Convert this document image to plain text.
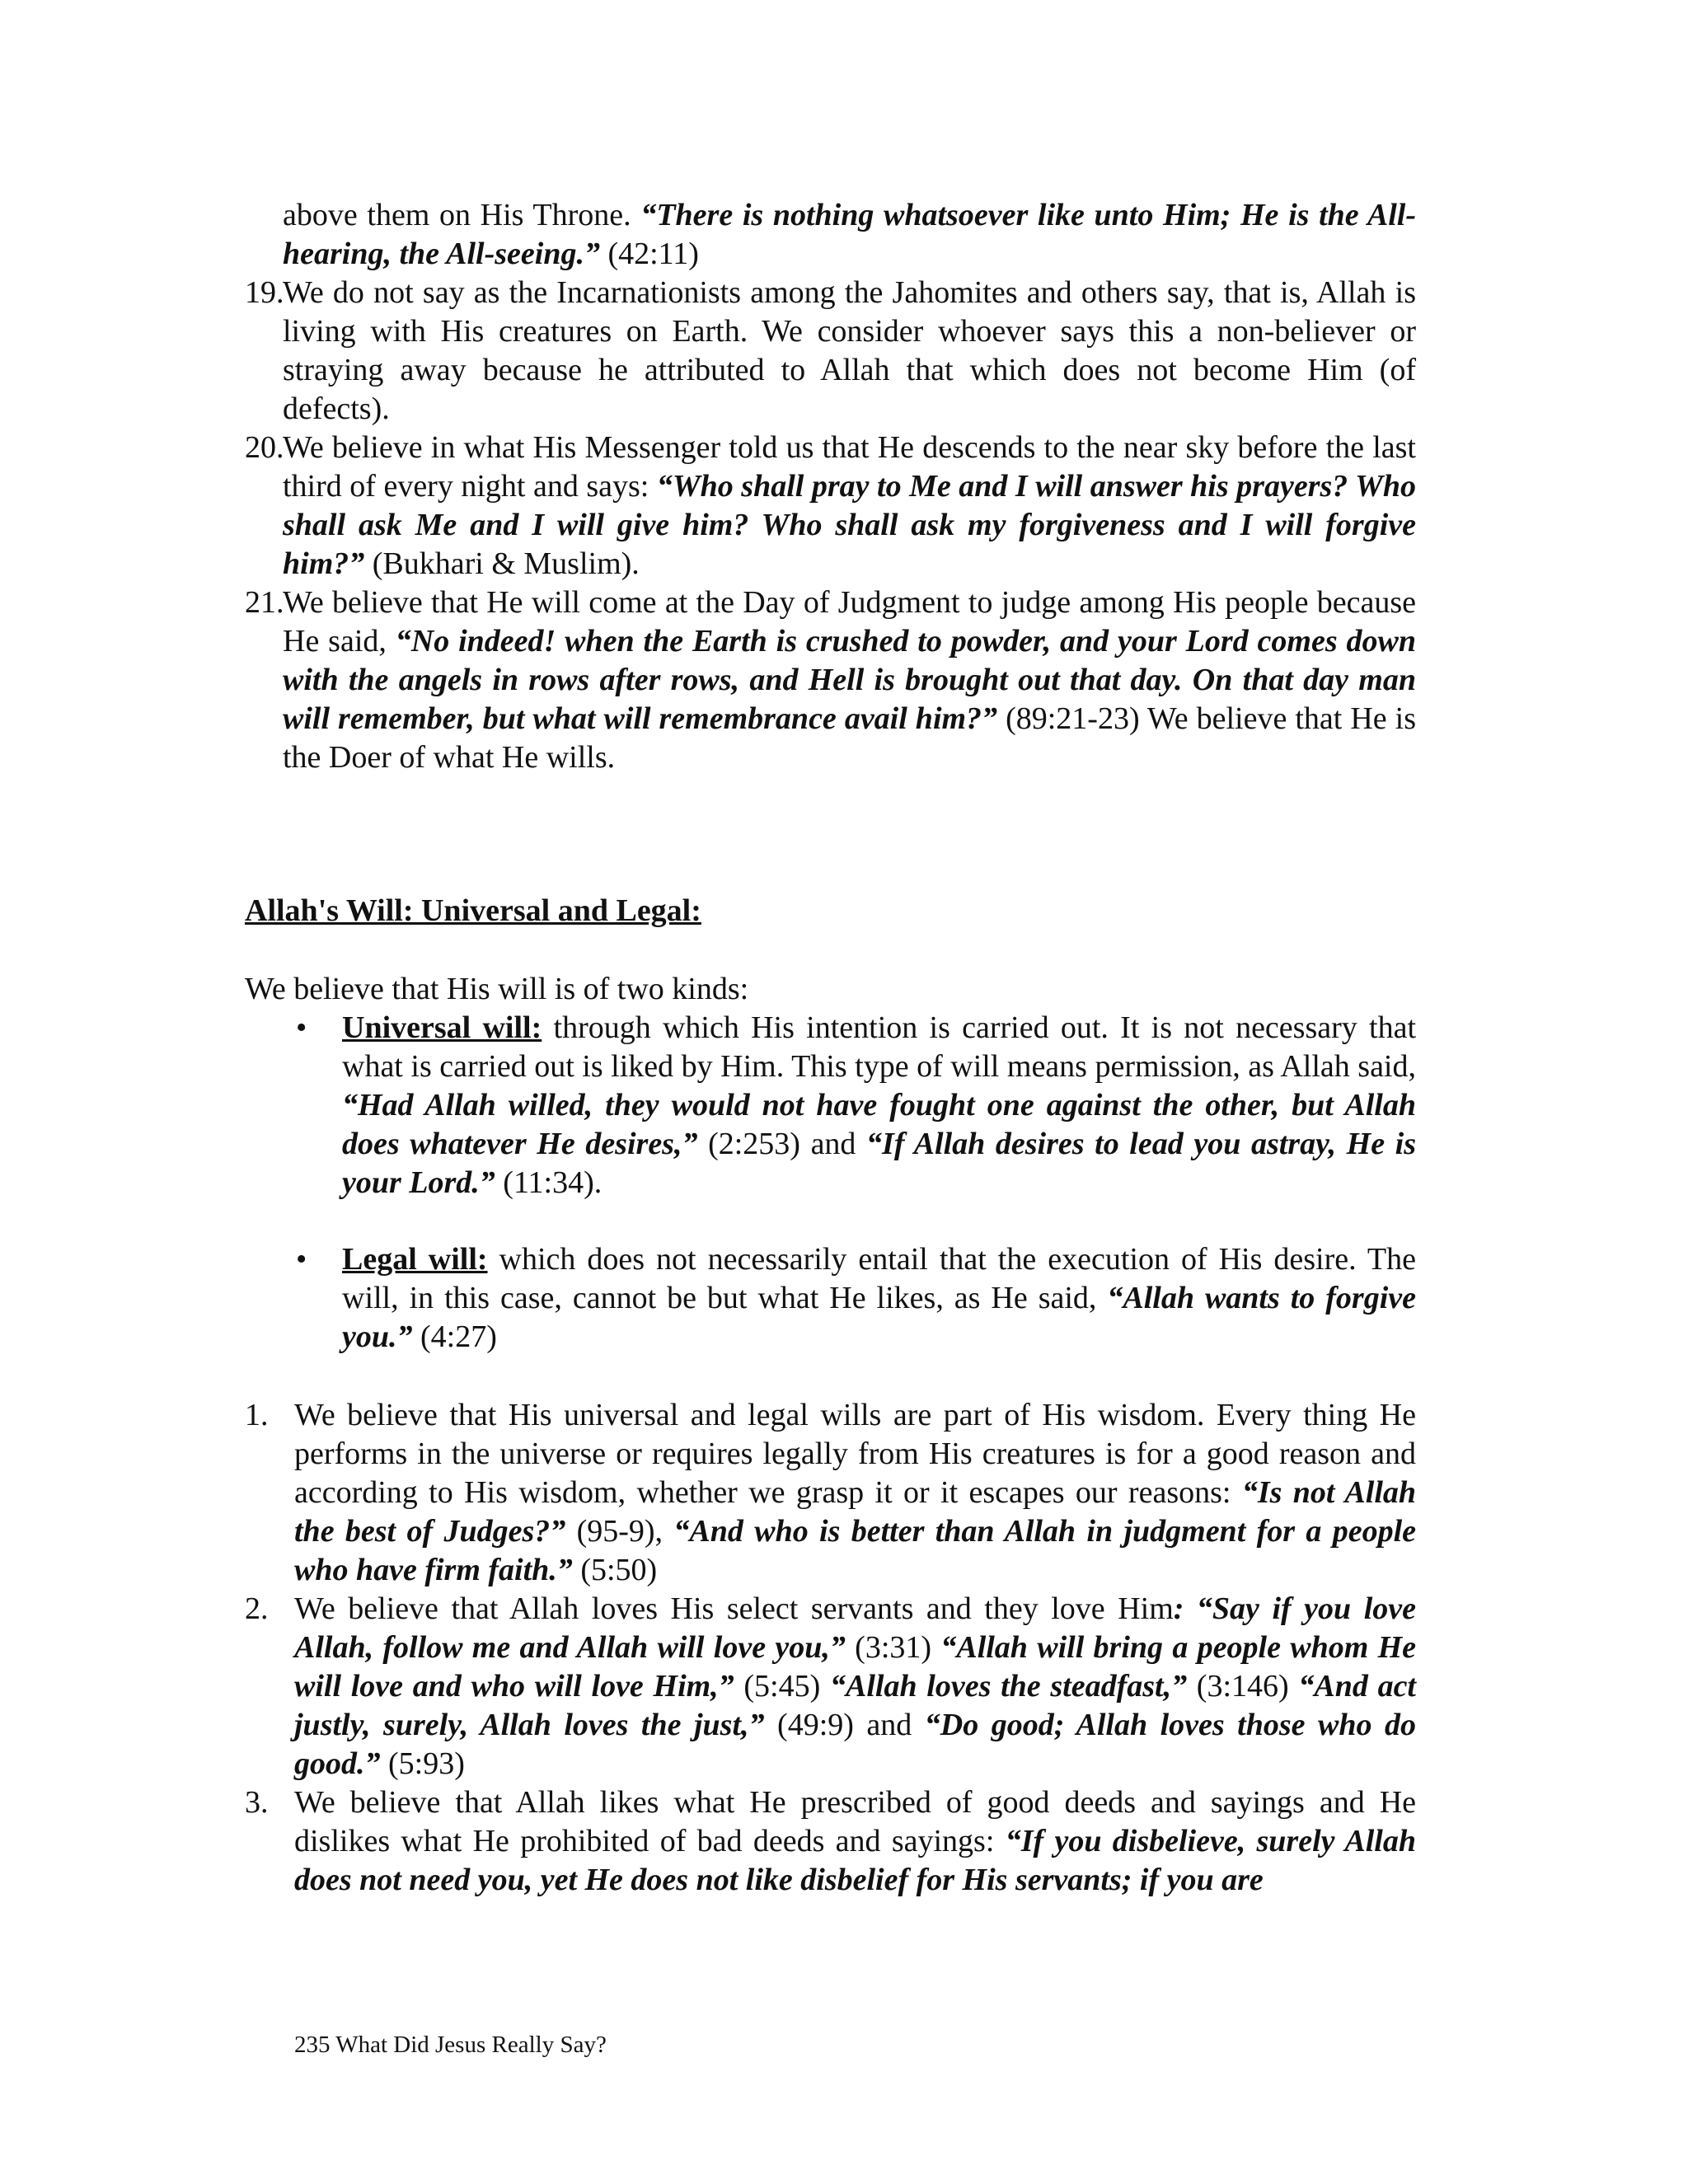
above them on His Throne. “There is nothing whatsoever like unto Him; He is the All-hearing, the All-seeing.” (42:11)

19.
We do not say as the Incarnationists among the Jahomites and others say, that is, Allah is living with His creatures on Earth. We consider whoever says this a non-believer or straying away because he attributed to Allah that which does not become Him (of defects).
20.
We believe in what His Messenger told us that He descends to the near sky before the last third of every night and says: “Who shall pray to Me and I will answer his prayers? Who shall ask Me and I will give him? Who shall ask my forgiveness and I will forgive him?” (Bukhari & Muslim).
21.
We believe that He will come at the Day of Judgment to judge among His people because He said, “No indeed! when the Earth is crushed to powder, and your Lord comes down with the angels in rows after rows, and Hell is brought out that day. On that day man will remember, but what will remembrance avail him?” (89:21-23) We believe that He is the Doer of what He wills.
Allah's Will: Universal and Legal:
We believe that His will is of two kinds:
• Universal will: through which His intention is carried out. It is not necessary that what is carried out is liked by Him. This type of will means permission, as Allah said, “Had Allah willed, they would not have fought one against the other, but Allah does whatever He desires,” (2:253) and “If Allah desires to lead you astray, He is your Lord.” (11:34).
• Legal will: which does not necessarily entail that the execution of His desire. The will, in this case, cannot be but what He likes, as He said, “Allah wants to forgive you.” (4:27)
1. We believe that His universal and legal wills are part of His wisdom. Every thing He performs in the universe or requires legally from His creatures is for a good reason and according to His wisdom, whether we grasp it or it escapes our reasons: “Is not Allah the best of Judges?” (95-9), “And who is better than Allah in judgment for a people who have firm faith.” (5:50)
2. We believe that Allah loves His select servants and they love Him: “Say if you love Allah, follow me and Allah will love you,” (3:31) “Allah will bring a people whom He will love and who will love Him,” (5:45) “Allah loves the steadfast,” (3:146) “And act justly, surely, Allah loves the just,” (49:9) and “Do good; Allah loves those who do good.” (5:93)
3. We believe that Allah likes what He prescribed of good deeds and sayings and He dislikes what He prohibited of bad deeds and sayings: “If you disbelieve, surely Allah does not need you, yet He does not like disbelief for His servants; if you are
235 What Did Jesus Really Say?
